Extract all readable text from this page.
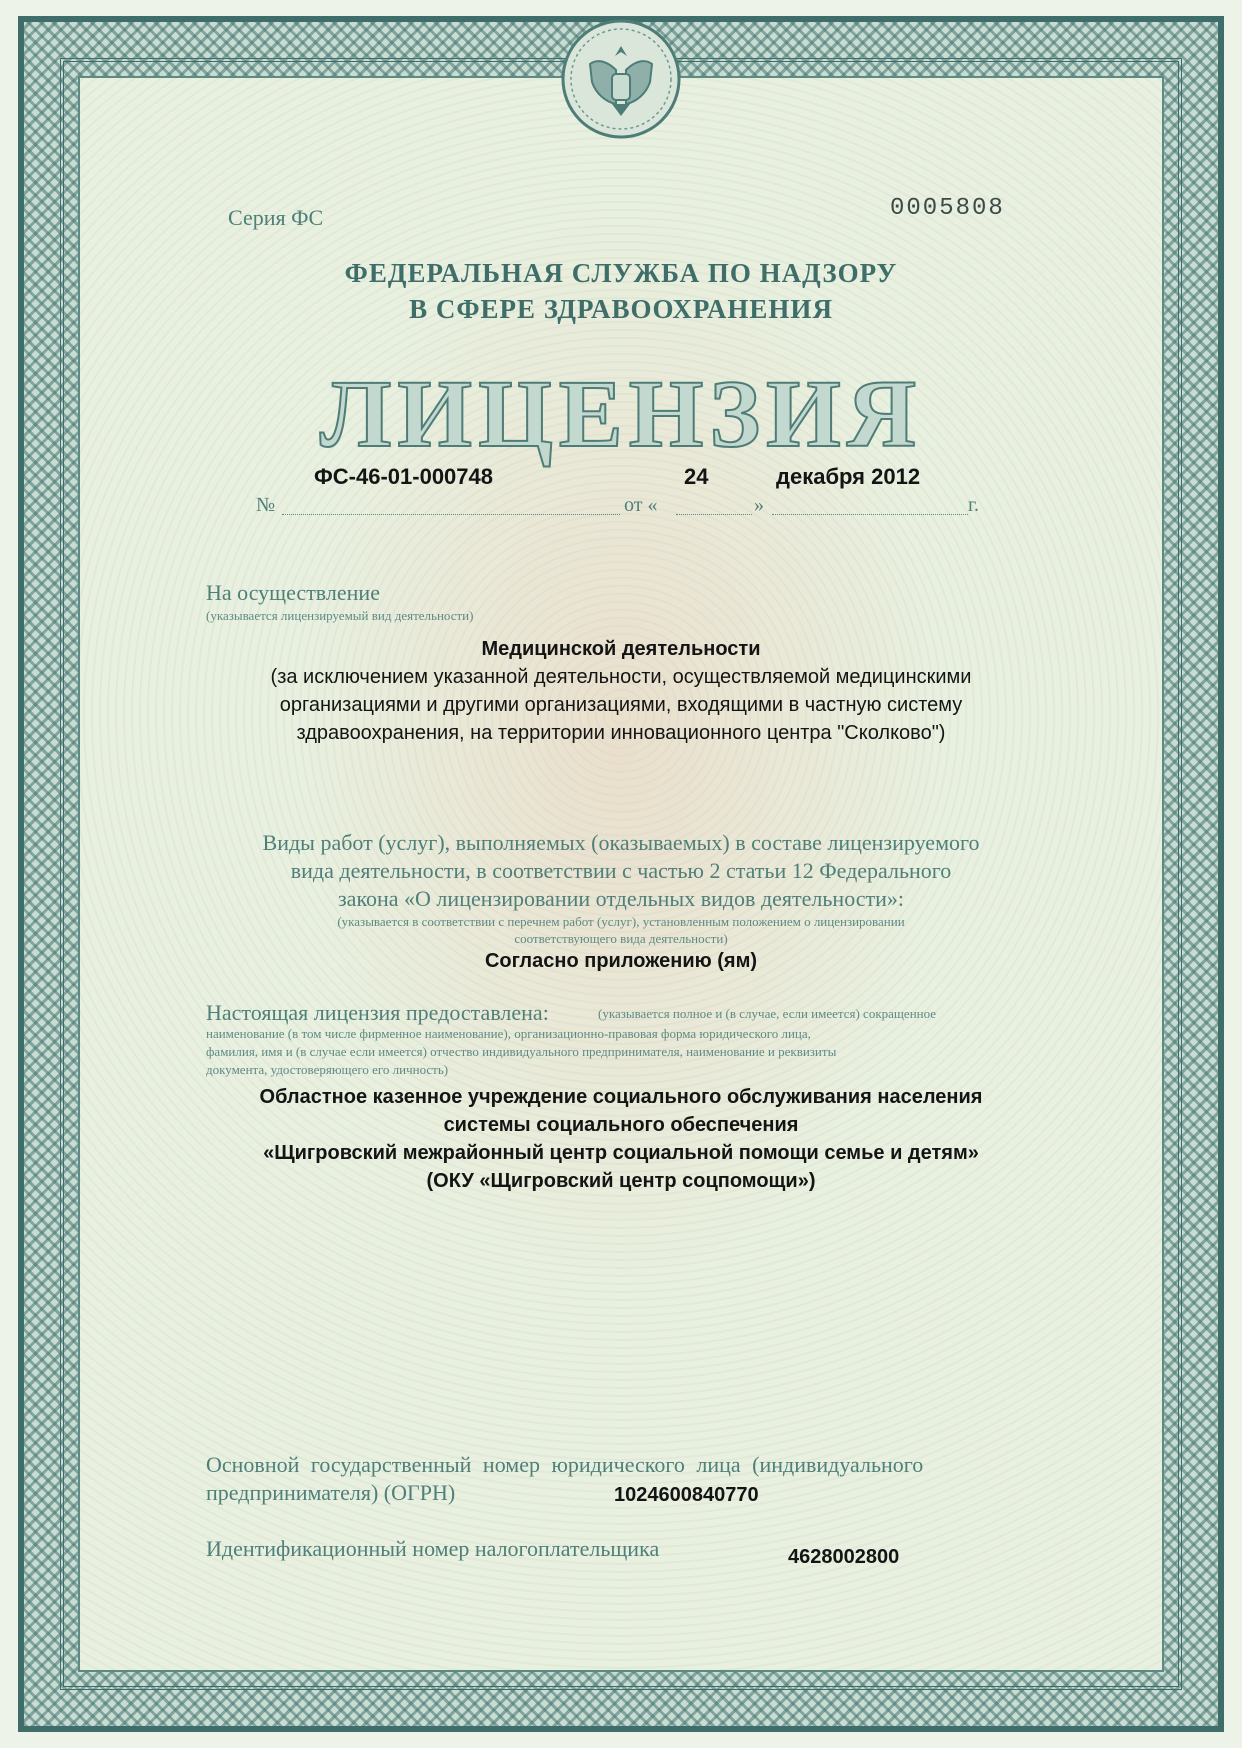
Серия ФС	0005808
ФЕДЕРАЛЬНАЯ СЛУЖБА ПО НАДЗОРУ
В СФЕРЕ ЗДРАВООХРАНЕНИЯ
ЛИЦЕНЗИЯ
ФС-46-01-000748	24	декабря 2012
№	от «	»	г.
На осуществление
(указывается лицензируемый вид деятельности)
Медицинской деятельности
(за исключением указанной деятельности, осуществляемой медицинскими
организациями и другими организациями, входящими в частную систему
здравоохранения, на территории инновационного центра "Сколково")
Виды работ (услуг), выполняемых (оказываемых) в составе лицензируемого
вида деятельности, в соответствии с частью 2 статьи 12 Федерального
закона «О лицензировании отдельных видов деятельности»:
(указывается в соответствии с перечнем работ (услуг), установленным положением о лицензировании
соответствующего вида деятельности)
Согласно приложению (ям)
Настоящая лицензия предоставлена:	(указывается полное и (в случае, если имеется) сокращенное
наименование (в том числе фирменное наименование), организационно-правовая форма юридического лица,
фамилия, имя и (в случае если имеется) отчество индивидуального предпринимателя, наименование и реквизиты
документа, удостоверяющего его личность)
Областное казенное учреждение социального обслуживания населения
системы социального обеспечения
«Щигровский межрайонный центр социальной помощи семье и детям»
(ОКУ «Щигровский центр соцпомощи»)
Основной государственный номер юридического лица (индивидуального
предпринимателя) (ОГРН)	1024600840770
Идентификационный номер налогоплательщика	4628002800
